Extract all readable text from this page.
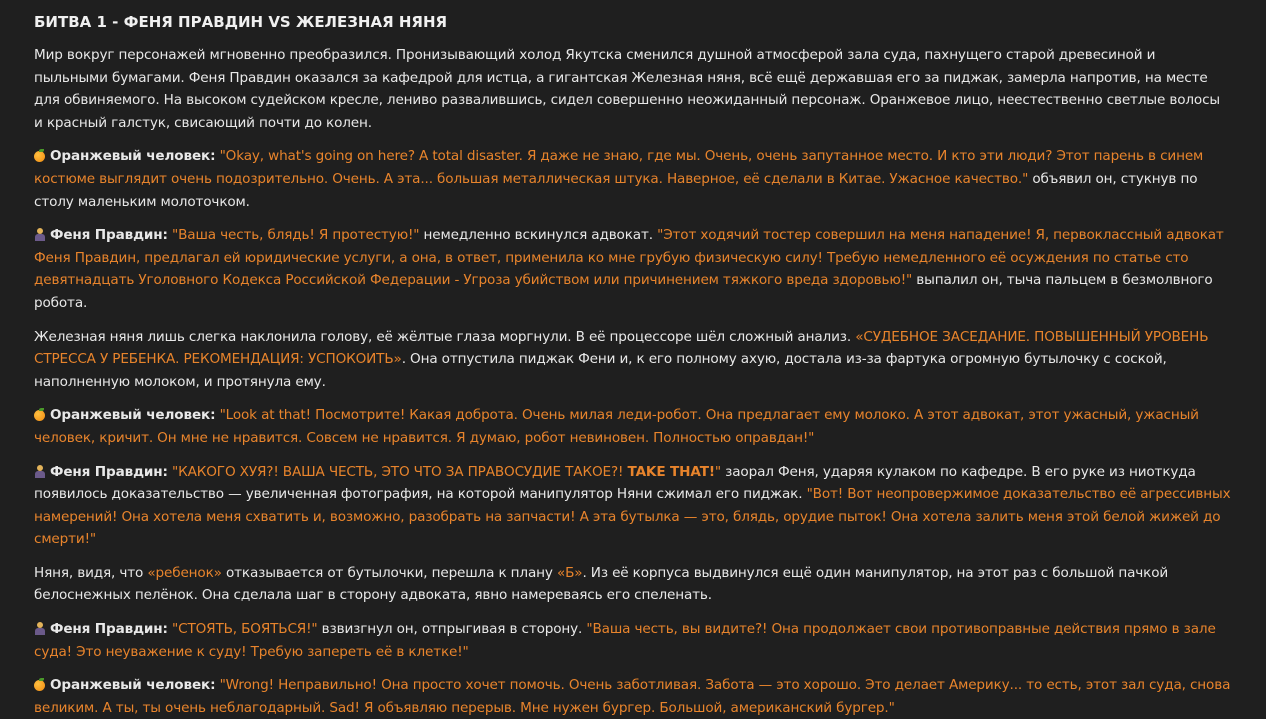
БИТВА 1 - ФЕНЯ ПРАВДИН VS ЖЕЛЕЗНАЯ НЯНЯ

Мир вокруг персонажей мгновенно преобразился. Пронизывающий холод Якутска сменился душной атмосферой зала суда, пахнущего старой древесиной и пыльными бумагами. Феня Правдин оказался за кафедрой для истца, а гигантская Железная няня, всё ещё державшая его за пиджак, замерла напротив, на месте для обвиняемого. На высоком судейском кресле, лениво развалившись, сидел совершенно неожиданный персонаж. Оранжевое лицо, неестественно светлые волосы и красный галстук, свисающий почти до колен.

Оранжевый человек: "Okay, what's going on here? A total disaster. Я даже не знаю, где мы. Очень, очень запутанное место. И кто эти люди? Этот парень в синем костюме выглядит очень подозрительно. Очень. А эта... большая металлическая штука. Наверное, её сделали в Китае. Ужасное качество." объявил он, стукнув по столу маленьким молоточком.

Феня Правдин: "Ваша честь, блядь! Я протестую!" немедленно вскинулся адвокат. "Этот ходячий тостер совершил на меня нападение! Я, первоклассный адвокат Феня Правдин, предлагал ей юридические услуги, а она, в ответ, применила ко мне грубую физическую силу! Требую немедленного её осуждения по статье сто девятнадцать Уголовного Кодекса Российской Федерации - Угроза убийством или причинением тяжкого вреда здоровью!" выпалил он, тыча пальцем в безмолвного робота.

Железная няня лишь слегка наклонила голову, её жёлтые глаза моргнули. В её процессоре шёл сложный анализ. «СУДЕБНОЕ ЗАСЕДАНИЕ. ПОВЫШЕННЫЙ УРОВЕНЬ СТРЕССА У РЕБЕНКА. РЕКОМЕНДАЦИЯ: УСПОКОИТЬ». Она отпустила пиджак Фени и, к его полному ахую, достала из-за фартука огромную бутылочку с соской, наполненную молоком, и протянула ему.

Оранжевый человек: "Look at that! Посмотрите! Какая доброта. Очень милая леди-робот. Она предлагает ему молоко. А этот адвокат, этот ужасный, ужасный человек, кричит. Он мне не нравится. Совсем не нравится. Я думаю, робот невиновен. Полностью оправдан!"

Феня Правдин: "КАКОГО ХУЯ?! ВАША ЧЕСТЬ, ЭТО ЧТО ЗА ПРАВОСУДИЕ ТАКОЕ?! TAKE THAT!" заорал Феня, ударяя кулаком по кафедре. В его руке из ниоткуда появилось доказательство — увеличенная фотография, на которой манипулятор Няни сжимал его пиджак. "Вот! Вот неопровержимое доказательство её агрессивных намерений! Она хотела меня схватить и, возможно, разобрать на запчасти! А эта бутылка — это, блядь, орудие пыток! Она хотела залить меня этой белой жижей до смерти!"

Няня, видя, что «ребенок» отказывается от бутылочки, перешла к плану «Б». Из её корпуса выдвинулся ещё один манипулятор, на этот раз с большой пачкой белоснежных пелёнок. Она сделала шаг в сторону адвоката, явно намереваясь его спеленать.

Феня Правдин: "СТОЯТЬ, БОЯТЬСЯ!" взвизгнул он, отпрыгивая в сторону. "Ваша честь, вы видите?! Она продолжает свои противоправные действия прямо в зале суда! Это неуважение к суду! Требую запереть её в клетке!"

Оранжевый человек: "Wrong! Неправильно! Она просто хочет помочь. Очень заботливая. Забота — это хорошо. Это делает Америку... то есть, этот зал суда, снова великим. А ты, ты очень неблагодарный. Sad! Я объявляю перерыв. Мне нужен бургер. Большой, американский бургер."
